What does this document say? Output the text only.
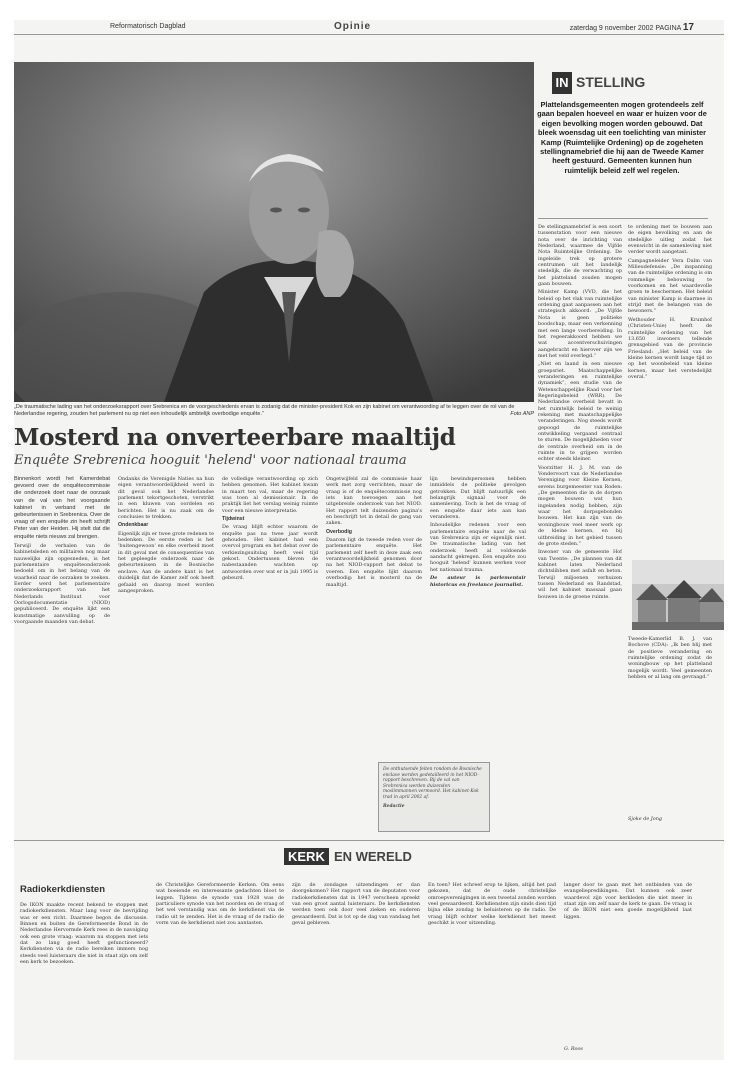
Reformatorisch Dagblad	Opinie	zaterdag 9 november 2002 PAGINA 17
„De traumatische lading van het onderzoeksrapport over Srebrenica en de voorgeschiedenis ervan is zodanig dat de minister-president Kok en zijn kabinet om verantwoording af te leggen over de rol van de Nederlandse regering, zouden het parlement nu op niet een inhoudelijk ambtelijk overbodige enquête.”	Foto ANP
IN STELLING
Plattelandsgemeenten mogen grotendeels zelf gaan bepalen hoeveel en waar er huizen voor de eigen bevolking mogen worden gebouwd. Dat bleek woensdag uit een toelichting van minister Kamp (Ruimtelijke Ordening) op de zogeheten stellingnamebrief die hij aan de Tweede Kamer heeft gestuurd. Gemeenten kunnen hun ruimtelijk beleid zelf wel regelen.

De stellingnamebrief is een soort tussenstation voor een nieuwe nota over de inrichting van Nederland, waarmee de Vijfde Nota Ruimtelijke Ordening. De ingeleide trek op grotere centrumen uit het landelijk stedelijk, die de verwachting op het platteland zouden mogen gaan bouwen.

Minister Kamp (VVD, die het beleid op het vlak van ruimtelijke ordening gaat aanpassen aan het strategisch akkoord: „De Vijfde Nota is geen politieke boodschap, maar een verkenning met een lange voorbereiding. In het regeerakkoord hebben we wat accentverschuivingen aangebracht en hierover zijn we met het veld overlegd.”

„Niet en laand in een nieuwe groepsriet. Maatschappelijke veranderingen en ruimtelijke dynamiek”, een studie van de Wetenschappelijke Raad voor het Regeringsbeleid (WRR). De Nederlandse overheid bevatt in het ruimtelijk beleid te weinig rekening met maatschappelijke veranderingen. Nog steeds wordt gepoogd de ruimtelijke ontwikkeling vergaand centraal te sturen. De mogelijkheden voor de centrale overheid om in de ruimte in te grijpen worden echter steeds kleiner.

Voorzitter H. J. M. van de Vondervoort van de Nederlandse Vereniging voor Kleine Kernen, sevens burgemeester van Roden: „De gemeenten die in de dorpen mogen bouwen wat hun ingelanden nodig hebben, zijn waar het dorpsgebonden bouwen. Het kan zijn van de woningbouw veel meer werk op de kleine kernen, en bij uitbreiding in het gebied tussen de grote steden.”

Inwoner van de gemeente Hof van Twente: „De plannen van dit kabinet laten Nederland dichtslibben met asfalt en beton. Terwijl miljoenen verhuizen tussen Nederland en Randstad, wil het kabinet massaal gaan bouwen in de groene ruimte.

te ordening met te bouwen aan de eigen bevolking en aan de stedelijke uitleg zodat het evenwicht in de samenleving niet verder wordt aangetast.

Campagneleider Vera Dalm van Milieudefensie: „De inspanning van de ruimtelijke ordening is om rommelige bebouwing te voorkomen en het waardevolle groen te beschermen. Het beleid van minister Kamp is daarmee in strijd met de belangen van de bewoners.”

Wethouder H. Krumhof (Christen-Unie) heeft de ruimtelijke ordening van het 13.650 inwoners tellende grensgebied van de provincie Friesland: „Het beleid van de kleine kernen wordt lange tijd zo op het woonbeleid van kleine kernen, maar het verstedelijkt overal.”

Tweede-Kamerlid B. J. van Bochove (CDA): „Ik ben blij met de positieve verandering en ruimtelijke ordening zodat de woningbouw op het platteland mogelijk wordt. Veel gemeenten hebben er al lang om gevraagd.”

Sjoke de Jong
Mosterd na onverteerbare maaltijd
Enquête Srebrenica hooguit 'helend' voor nationaal trauma

Binnenkort wordt het Kamerdebat gevoerd over de enquêtecommissie die onderzoek doet naar de oorzaak van de val van het voorgaande kabinet in verband met de gebeurtenissen in Srebrenica. Over de vraag of een enquête zin heeft schrijft Peter van der Heiden. Hij stelt dat die enquête niets nieuws zal brengen.

Terwijl de verhalen van de kabinetsleden en militairen nog maar nauwelijks zijn opgesneden, is het parlementaire enquêteonderzoek bedoeld om in het belang van de waarheid naar de oorzaken te zoeken. Eerder werd het parlementaire onderzoeksrapport van het Nederlands Instituut voor Oorlogsdocumentatie (NIOD) gepubliceerd. De enquête lijkt een kunstmatige aanvulling op de voorgaande maanden van debat.

Ondanks de Verenigde Naties na hun eigen verantwoordelijkheid werd in dit geval ook het Nederlandse parlement tekortgeschoten, verstrikt in een kluwen van oordelen en berichten. Het is nu zaak om de conclusies te trekken.

Ondenkbaar

Eigenlijk zijn er twee grote redenen te bedenken. De eerste reden is het 'buitengewoon' en elke overheid moet in dit geval met de consequenties van het gepleegde onderzoek naar de gebeurtenissen in de Bosnische enclave. Aan de andere kant is het duidelijk dat de Kamer zelf ook heeft gefaald en daarop moet worden aangesproken.

de volledige verantwoording op zich hebben genomen. Het kabinet kwam in maart ten val, maar de regering was toen al demissionair. In de praktijk liet het verslag weinig ruimte voor een nieuwe interpretatie.

Tijdwinst

De vraag blijft echter waarom de enquête pas na twee jaar wordt gehouden. Het kabinet had een overvol program en het debat over de verkiezingsuitslag heeft veel tijd gekost. Ondertussen bleven de nabestaanden wachten op antwoorden over wat er in juli 1995 is gebeurd.

Ongetwijfeld zal de commissie haar werk met zorg verrichten, maar de vraag is of de enquêtecommissie nog iets kan toevoegen aan het uitgebreide onderzoek van het NIOD. Het rapport telt duizenden pagina's en beschrijft tot in detail de gang van zaken.

Overbodig

Daarom ligt de tweede reden voor de parlementaire enquête. Het parlement zelf heeft in deze zaak een verantwoordelijkheid genomen door na het NIOD-rapport het debat te voeren. Een enquête lijkt daarom overbodig: het is mosterd na de maaltijd.

lijn bewindspersonen hebben inmiddels de politieke gevolgen getrokken. Dat blijft natuurlijk een belangrijk signaal voor de samenleving. Toch is het de vraag of een enquête daar iets aan kan veranderen.

Inhoudelijke redenen voor een parlementaire enquête naar de val van Srebrenica zijn er eigenlijk niet. De traumatische lading van het onderzoek heeft al voldoende aandacht gekregen. Een enquête zou hooguit 'helend' kunnen werken voor het nationaal trauma.

De auteur is parlementair historicus en freelance journalist.

De onthutsende feiten rondom de Bosnische enclave werden gedetailleerd in het NIOD-rapport beschreven. Bij de val van Srebrenica werden duizenden moslimmannen vermoord. Het kabinet-Kok trad in april 2002 af.

Redactie

KERK EN WERELD
Radiokerkdiensten

De IKON maakte recent bekend te stoppen met radiokerkdiensten. Maar lang voor de bevrijding was er een richt. Daarmee begon de discussie. Binnen en buiten de Gereformeerde Bond in de Nederlandse Hervormde Kerk rees in de navolging ook een grote vraag: waarom nu stoppen met iets dat zo lang goed heeft gefunctioneerd? Kerkdiensten via de radio bereiken immers nog steeds veel luisteraars die niet in staat zijn om zelf een kerk te bezoeken.

de Christelijke Gereformeerde Kerken. Om eens wat boeiende en interessante gedachten bloot te leggen. Tijdens de synode van 1928 was de particuliere synode van het noorden en de vraag of het wel verstandig was om de kerkdienst via de radio uit te zenden. Het is de vraag of de radio de vorm van de kerkdienst niet zou aantasten.

zijn de zondagse uitzendingen er dan doorgekomen? Het rapport van de deputaten voor radiokerkdiensten dat in 1947 verscheen spreekt van een groot aantal luisteraars. De kerkdiensten werden toen ook door veel zieken en ouderen gewaardeerd. Dat is tot op de dag van vandaag het geval gebleven.

En toen? Het schreef erop te lijken, altijd het pad gekozen, dat de oude christelijke omroepverenigingen in een tweetal zonden worden veel gewaardeerd. Kerkdiensten zijn sinds dien tijd bijna elke zondag te beluisteren op de radio. De vraag blijft echter welke kerkdienst het meest geschikt is voor uitzending.

langer door te gaan met het ontbinden van de evangeliepredikingen. Dat kunnen ook zeer waardevol zijn voor kerkleden die niet meer in staat zijn om zelf naar de kerk te gaan. De vraag is of de IKON niet een goede mogelijkheid laat liggen.

G. Roos
